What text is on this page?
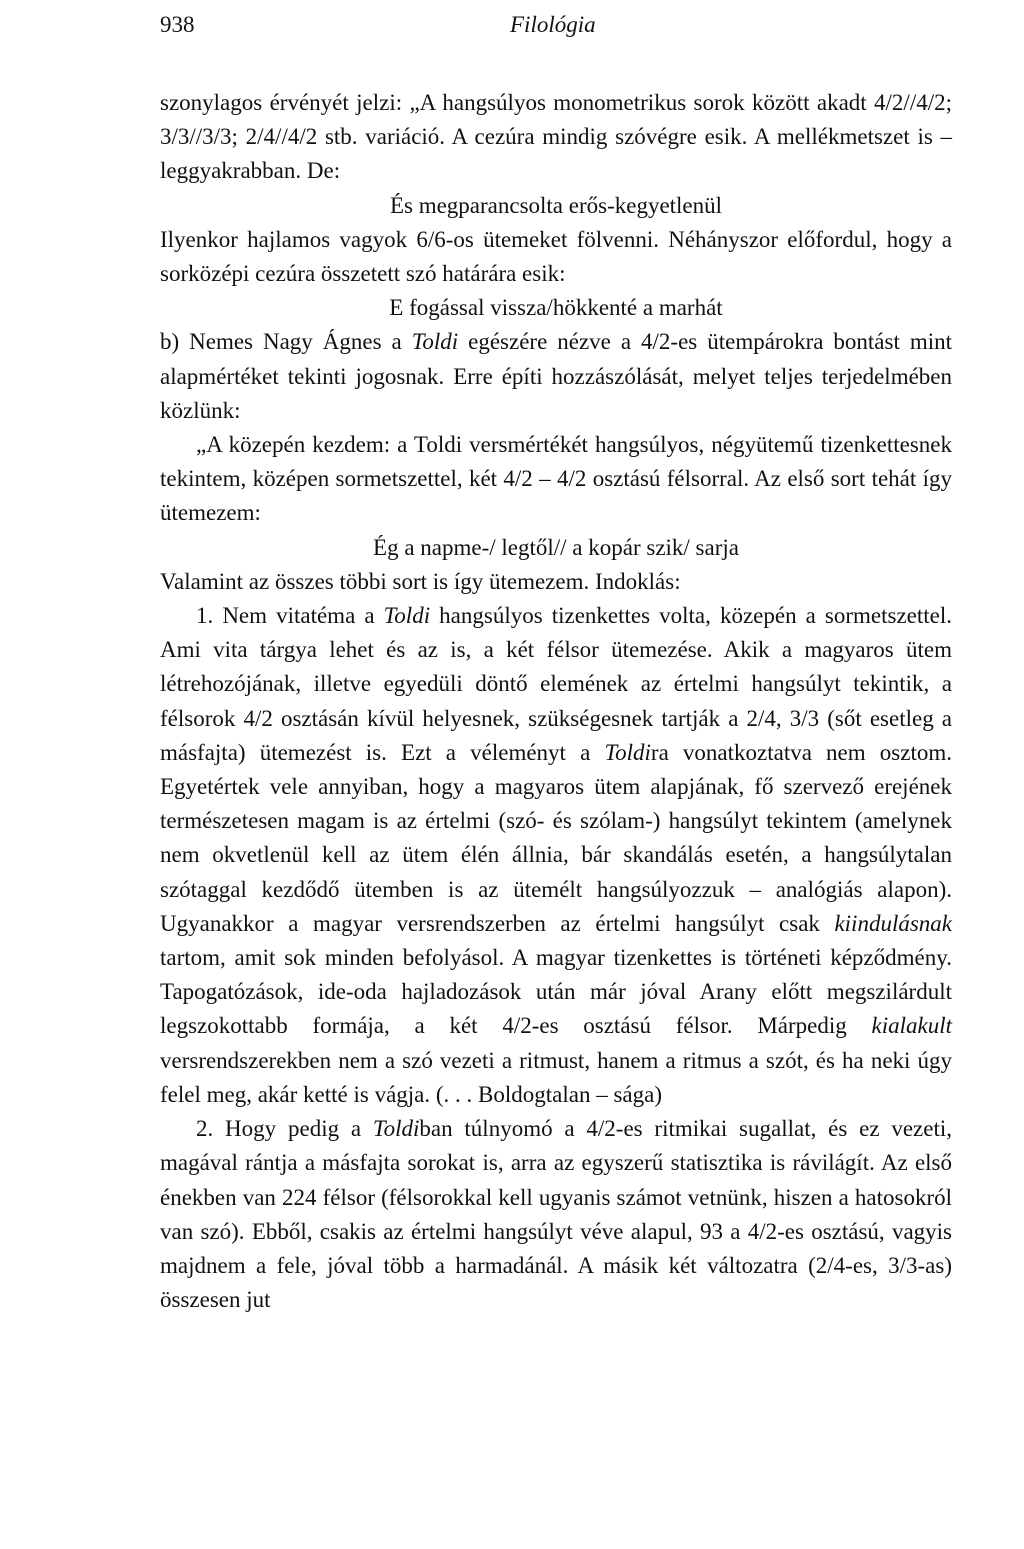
938	Filológia

szonylagos érvényét jelzi: „A hangsúlyos monometrikus sorok között akadt 4/2//4/2; 3/3//3/3; 2/4//4/2 stb. variáció. A cezúra mindig szóvégre esik. A mellékmetszet is – leggyakrabban. De:

És megparancsolta erős-kegyetlenül

Ilyenkor hajlamos vagyok 6/6-os ütemeket fölvenni. Néhányszor előfordul, hogy a sorközépi cezúra összetett szó határára esik:

E fogással vissza/hökkenté a marhát

b) Nemes Nagy Ágnes a Toldi egészére nézve a 4/2-es ütempárokra bontást mint alapmértéket tekinti jogosnak. Erre építi hozzászólását, melyet teljes terjedelmében közlünk:

„A közepén kezdem: a Toldi versmértékét hangsúlyos, négyütemű tizenkettesnek tekintem, középen sormetszettel, két 4/2 – 4/2 osztású félsorral. Az első sort tehát így ütemezem:

Ég a napme-/ legtől// a kopár szik/ sarja

Valamint az összes többi sort is így ütemezem. Indoklás:

1. Nem vitatéma a Toldi hangsúlyos tizenkettes volta, közepén a sormetszettel. Ami vita tárgya lehet és az is, a két félsor ütemezése. Akik a magyaros ütem létrehozójának, illetve egyedüli döntő elemének az értelmi hangsúlyt tekintik, a félsorok 4/2 osztásán kívül helyesnek, szükségesnek tartják a 2/4, 3/3 (sőt esetleg a másfajta) ütemezést is. Ezt a véleményt a Toldira vonatkoztatva nem osztom. Egyetértek vele annyiban, hogy a magyaros ütem alapjának, fő szervező erejének természetesen magam is az értelmi (szó- és szólam-) hangsúlyt tekintem (amelynek nem okvetlenül kell az ütem élén állnia, bár skandálás esetén, a hangsúlytalan szótaggal kezdődő ütemben is az ütemélt hangsúlyozzuk – analógiás alapon). Ugyanakkor a magyar versrendszerben az értelmi hangsúlyt csak kiindulásnak tartom, amit sok minden befolyásol. A magyar tizenkettes is történeti képződmény. Tapogatózások, ide-oda hajladozások után már jóval Arany előtt megszilárdult legszokottabb formája, a két 4/2-es osztású félsor. Márpedig kialakult versrendszerekben nem a szó vezeti a ritmust, hanem a ritmus a szót, és ha neki úgy felel meg, akár ketté is vágja. (. . . Boldogtalan – sága)

2. Hogy pedig a Toldiban túlnyomó a 4/2-es ritmikai sugallat, és ez vezeti, magával rántja a másfajta sorokat is, arra az egyszerű statisztika is rávilágít. Az első énekben van 224 félsor (félsorokkal kell ugyanis számot vetnünk, hiszen a hatosokról van szó). Ebből, csakis az értelmi hangsúlyt véve alapul, 93 a 4/2-es osztású, vagyis majdnem a fele, jóval több a harmadánál. A másik két változatra (2/4-es, 3/3-as) összesen jut
